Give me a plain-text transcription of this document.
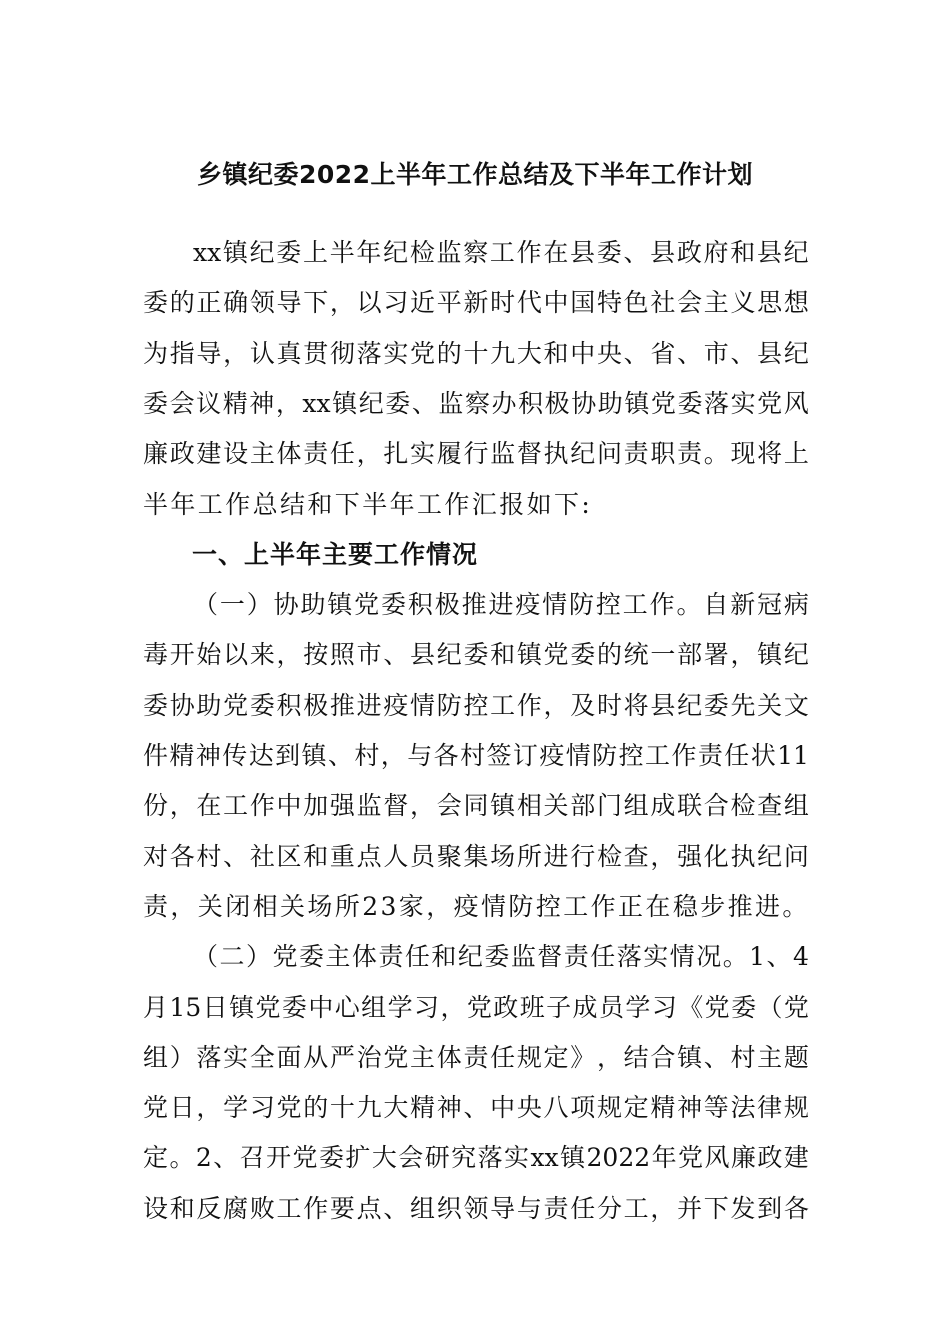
乡镇纪委2022上半年工作总结及下半年工作计划
xx 镇 纪 委 上 半 年 纪 检 监 察 工 作 在 县 委 、 县 政 府 和 县 纪
委 的 正 确 领 导 下 ， 以 习 近 平 新 时 代 中 国 特 色 社 会 主 义 思 想
为 指 导 ， 认 真 贯 彻 落 实 党 的 十 九 大 和 中 央 、 省 、 市 、 县 纪
委 会 议 精 神 ， xx 镇 纪 委 、 监 察 办 积 极 协 助 镇 党 委 落 实 党 风
廉 政 建 设 主 体 责 任 ， 扎 实 履 行 监 督 执 纪 问 责 职 责 。 现 将 上
半年工作总结和下半年工作汇报如下:
一、上半年主要工作情况
（ 一 ） 协 助 镇 党 委 积 极 推 进 疫 情 防 控 工 作 。 自 新 冠 病
毒 开 始 以 来 ， 按 照 市 、 县 纪 委 和 镇 党 委 的 统 一 部 署 ， 镇 纪
委 协 助 党 委 积 极 推 进 疫 情 防 控 工 作 ， 及 时 将 县 纪 委 先 关 文
件 精 神 传 达 到 镇 、 村 ， 与 各 村 签 订 疫 情 防 控 工 作 责 任 状 11
份 ， 在 工 作 中 加 强 监 督 ， 会 同 镇 相 关 部 门 组 成 联 合 检 查 组
对 各 村 、 社 区 和 重 点 人 员 聚 集 场 所 进 行 检 查 ， 强 化 执 纪 问
责，关闭相关场所23家，疫情防控工作正在稳步推进。
（ 二 ） 党 委 主 体 责 任 和 纪 委 监 督 责 任 落 实 情 况 。 1 、 4
月 15 日 镇 党 委 中 心 组 学 习 ， 党 政 班 子 成 员 学 习 《 党 委 （ 党
组 ） 落 实 全 面 从 严 治 党 主 体 责 任 规 定 》 ， 结 合 镇 、 村 主 题
党 日 ， 学 习 党 的 十 九 大 精 神 、 中 央 八 项 规 定 精 神 等 法 律 规
定 。 2 、 召 开 党 委 扩 大 会 研 究 落 实 xx 镇 2022 年 党 风 廉 政 建
设 和 反 腐 败 工 作 要 点 、 组 织 领 导 与 责 任 分 工 ， 并 下 发 到 各
